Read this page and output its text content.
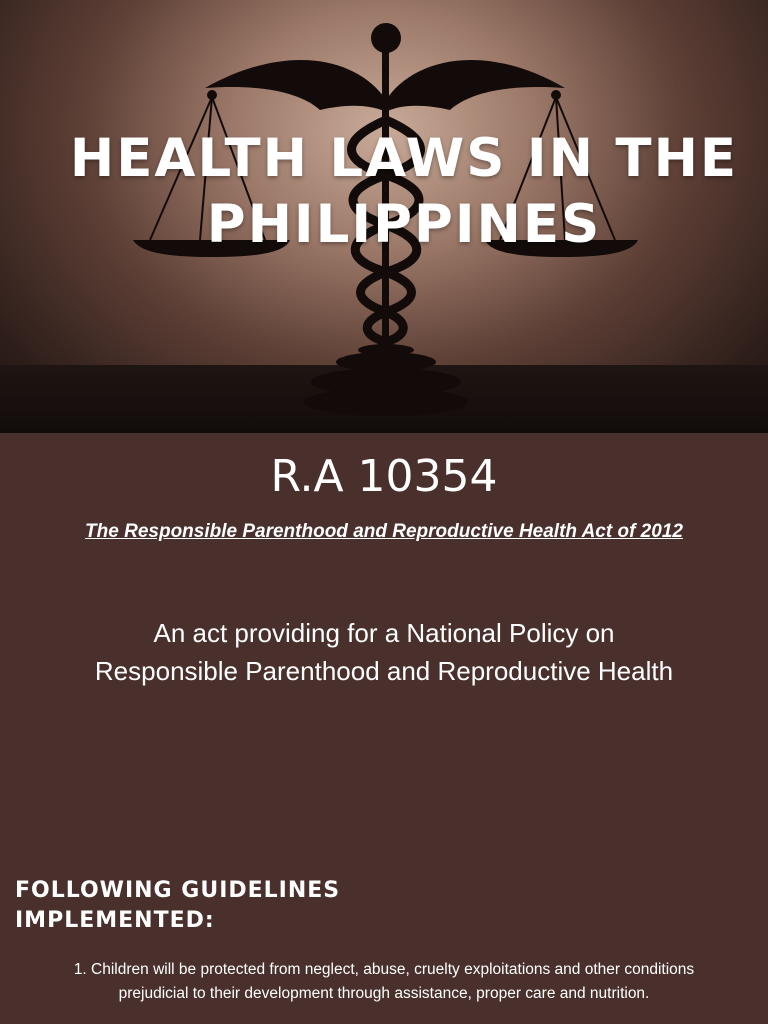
HEALTH LAWS IN THE
PHILIPPINES
R.A 10354
The Responsible Parenthood and Reproductive Health Act of 2012
An act providing for a National Policy on
Responsible Parenthood and Reproductive Health
FOLLOWING GUIDELINES
IMPLEMENTED:
1. Children will be protected from neglect, abuse, cruelty exploitations and other conditions
prejudicial to their development through assistance, proper care and nutrition.
